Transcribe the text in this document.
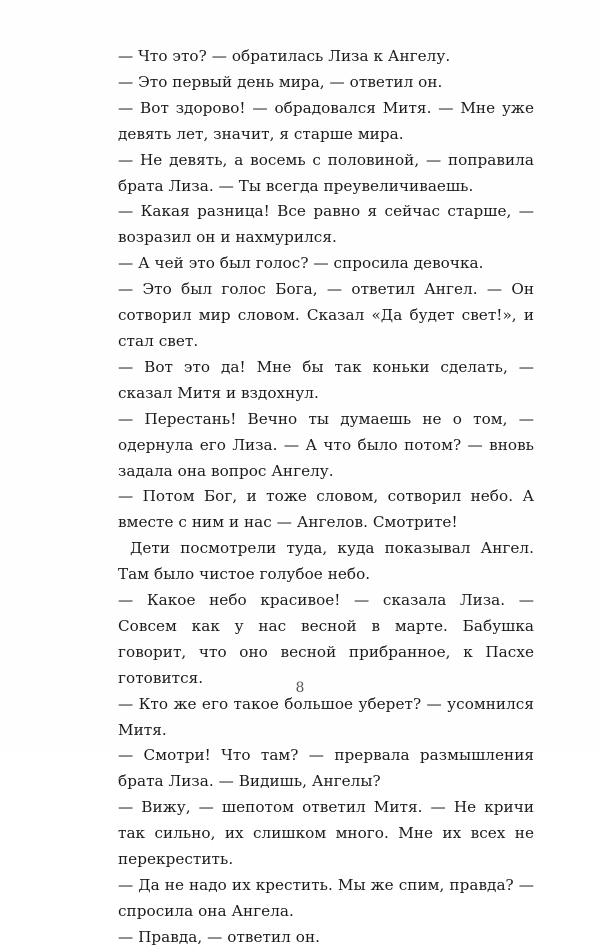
— Что это? — обратилась Лиза к Ангелу.

— Это первый день мира, — ответил он.

— Вот здорово! — обрадовался Митя. — Мне уже девять лет, значит, я старше мира.

— Не девять, а восемь с половиной, — поправила брата Лиза. — Ты всегда преувеличиваешь.

— Какая разница! Все равно я сейчас старше, — возразил он и нахмурился.

— А чей это был голос? — спросила девочка.

— Это был голос Бога, — ответил Ангел. — Он сотворил мир словом. Сказал «Да будет свет!», и стал свет.

— Вот это да! Мне бы так коньки сделать, — сказал Митя и вздохнул.

— Перестань! Вечно ты думаешь не о том, — одернула его Лиза. — А что было потом? — вновь задала она вопрос Ангелу.

— Потом Бог, и тоже словом, сотворил небо. А вместе с ним и нас — Ангелов. Смотрите!

Дети посмотрели туда, куда показывал Ангел. Там было чистое голубое небо.

— Какое небо красивое! — сказала Лиза. — Совсем как у нас весной в марте. Бабушка говорит, что оно весной прибранное, к Пасхе готовится.

— Кто же его такое большое уберет? — усомнился Митя.

— Смотри! Что там? — прервала размышления брата Лиза. — Видишь, Ангелы?

— Вижу, — шепотом ответил Митя. — Не кричи так сильно, их слишком много. Мне их всех не перекрестить.

— Да не надо их крестить. Мы же спим, правда? — спросила она Ангела.

— Правда, — ответил он.

8
